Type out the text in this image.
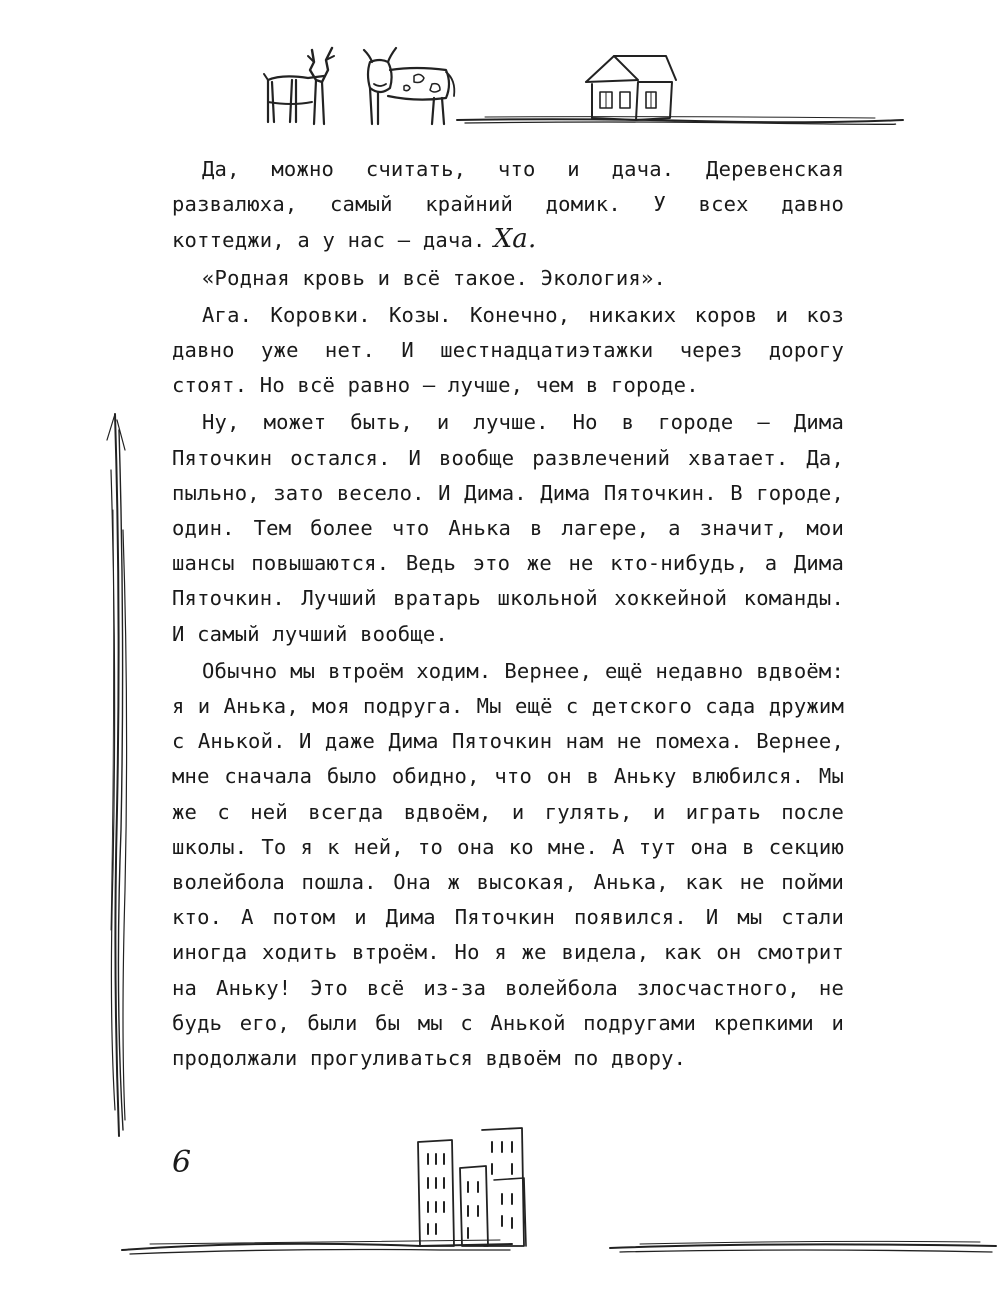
Да, можно считать, что и дача. Деревенская развалюха, самый крайний домик. У всех давно коттеджи, а у нас — дача. Ха.

«Родная кровь и всё такое. Экология».

Ага. Коровки. Козы. Конечно, никаких коров и коз давно уже нет. И шестнадцатиэтажки через дорогу стоят. Но всё равно — лучше, чем в городе.

Ну, может быть, и лучше. Но в городе — Дима Пяточкин остался. И вообще развлечений хватает. Да, пыльно, зато весело. И Дима. Дима Пяточкин. В городе, один. Тем более что Анька в лагере, а значит, мои шансы повышаются. Ведь это же не кто-нибудь, а Дима Пяточкин. Лучший вратарь школьной хоккейной команды. И самый лучший вообще.

Обычно мы втроём ходим. Вернее, ещё недавно вдвоём: я и Анька, моя подруга. Мы ещё с детского сада дружим с Анькой. И даже Дима Пяточкин нам не помеха. Вернее, мне сначала было обидно, что он в Аньку влюбился. Мы же с ней всегда вдвоём, и гулять, и играть после школы. То я к ней, то она ко мне. А тут она в секцию волейбола пошла. Она ж высокая, Анька, как не пойми кто. А потом и Дима Пяточкин появился. И мы стали иногда ходить втроём. Но я же видела, как он смотрит на Аньку! Это всё из-за волейбола злосчастного, не будь его, были бы мы с Анькой подругами крепкими и продолжали прогуливаться вдвоём по двору.

6
